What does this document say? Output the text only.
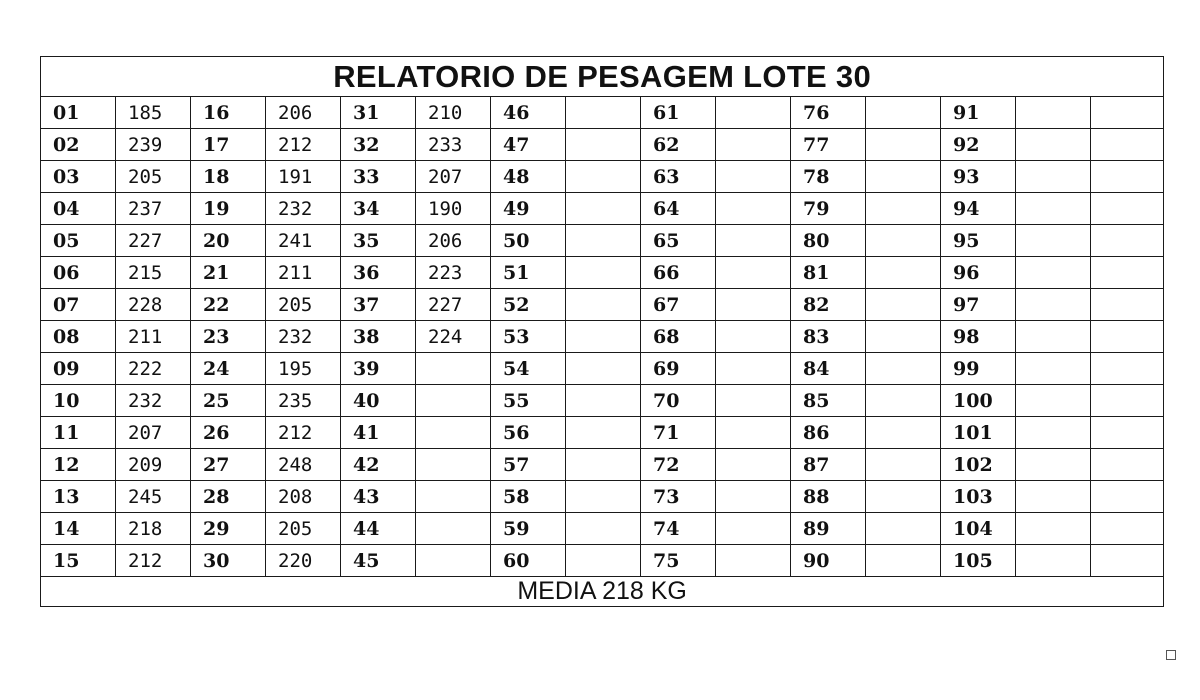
RELATORIO DE PESAGEM LOTE 30														
01	185	16	206	31	210	46		61		76		91		
02	239	17	212	32	233	47		62		77		92		
03	205	18	191	33	207	48		63		78		93		
04	237	19	232	34	190	49		64		79		94		
05	227	20	241	35	206	50		65		80		95		
06	215	21	211	36	223	51		66		81		96		
07	228	22	205	37	227	52		67		82		97		
08	211	23	232	38	224	53		68		83		98		
09	222	24	195	39		54		69		84		99		
10	232	25	235	40		55		70		85		100		
11	207	26	212	41		56		71		86		101		
12	209	27	248	42		57		72		87		102		
13	245	28	208	43		58		73		88		103		
14	218	29	205	44		59		74		89		104		
15	212	30	220	45		60		75		90		105		
MEDIA 218 KG														
